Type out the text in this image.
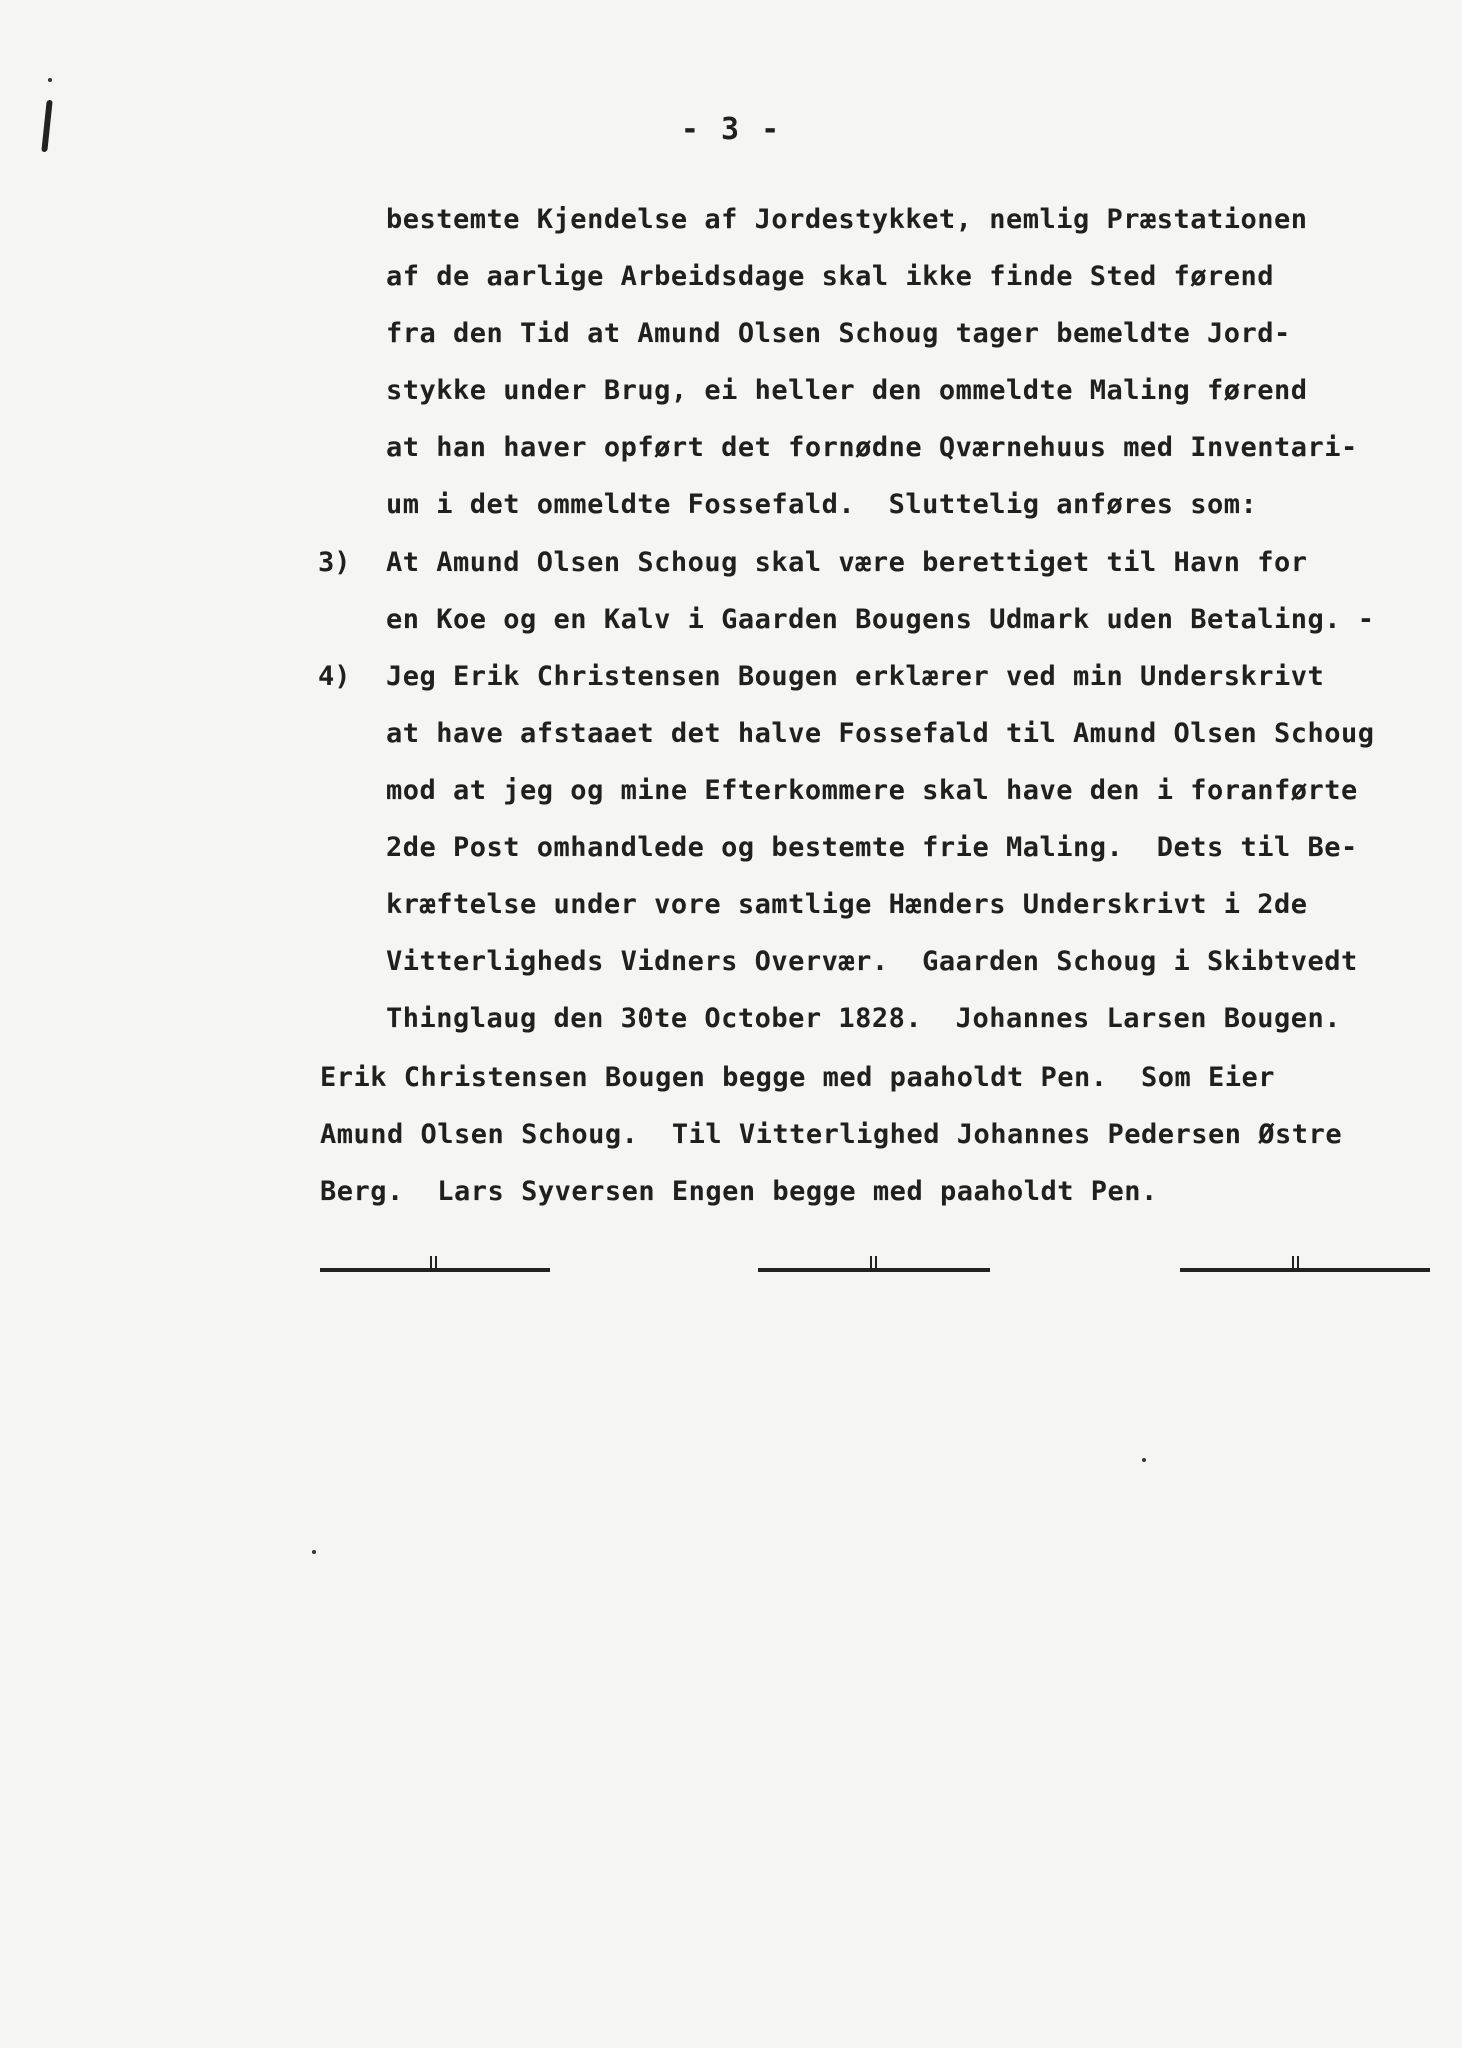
- 3 -
bestemte Kjendelse af Jordestykket, nemlig Præstationen
af de aarlige Arbeidsdage skal ikke finde Sted førend
fra den Tid at Amund Olsen Schoug tager bemeldte Jord-
stykke under Brug, ei heller den ommeldte Maling førend
at han haver opført det fornødne Qværnehuus med Inventari-
um i det ommeldte Fossefald.  Sluttelig anføres som:
3) At Amund Olsen Schoug skal være berettiget til Havn for
en Koe og en Kalv i Gaarden Bougens Udmark uden Betaling. -
4) Jeg Erik Christensen Bougen erklærer ved min Underskrivt
at have afstaaet det halve Fossefald til Amund Olsen Schoug
mod at jeg og mine Efterkommere skal have den i foranførte
2de Post omhandlede og bestemte frie Maling.  Dets til Be-
kræftelse under vore samtlige Hænders Underskrivt i 2de
Vitterligheds Vidners Overvær.  Gaarden Schoug i Skibtvedt
Thinglaug den 30te October 1828.  Johannes Larsen Bougen.
Erik Christensen Bougen begge med paaholdt Pen.  Som Eier
Amund Olsen Schoug.  Til Vitterlighed Johannes Pedersen Østre
Berg.  Lars Syversen Engen begge med paaholdt Pen.
